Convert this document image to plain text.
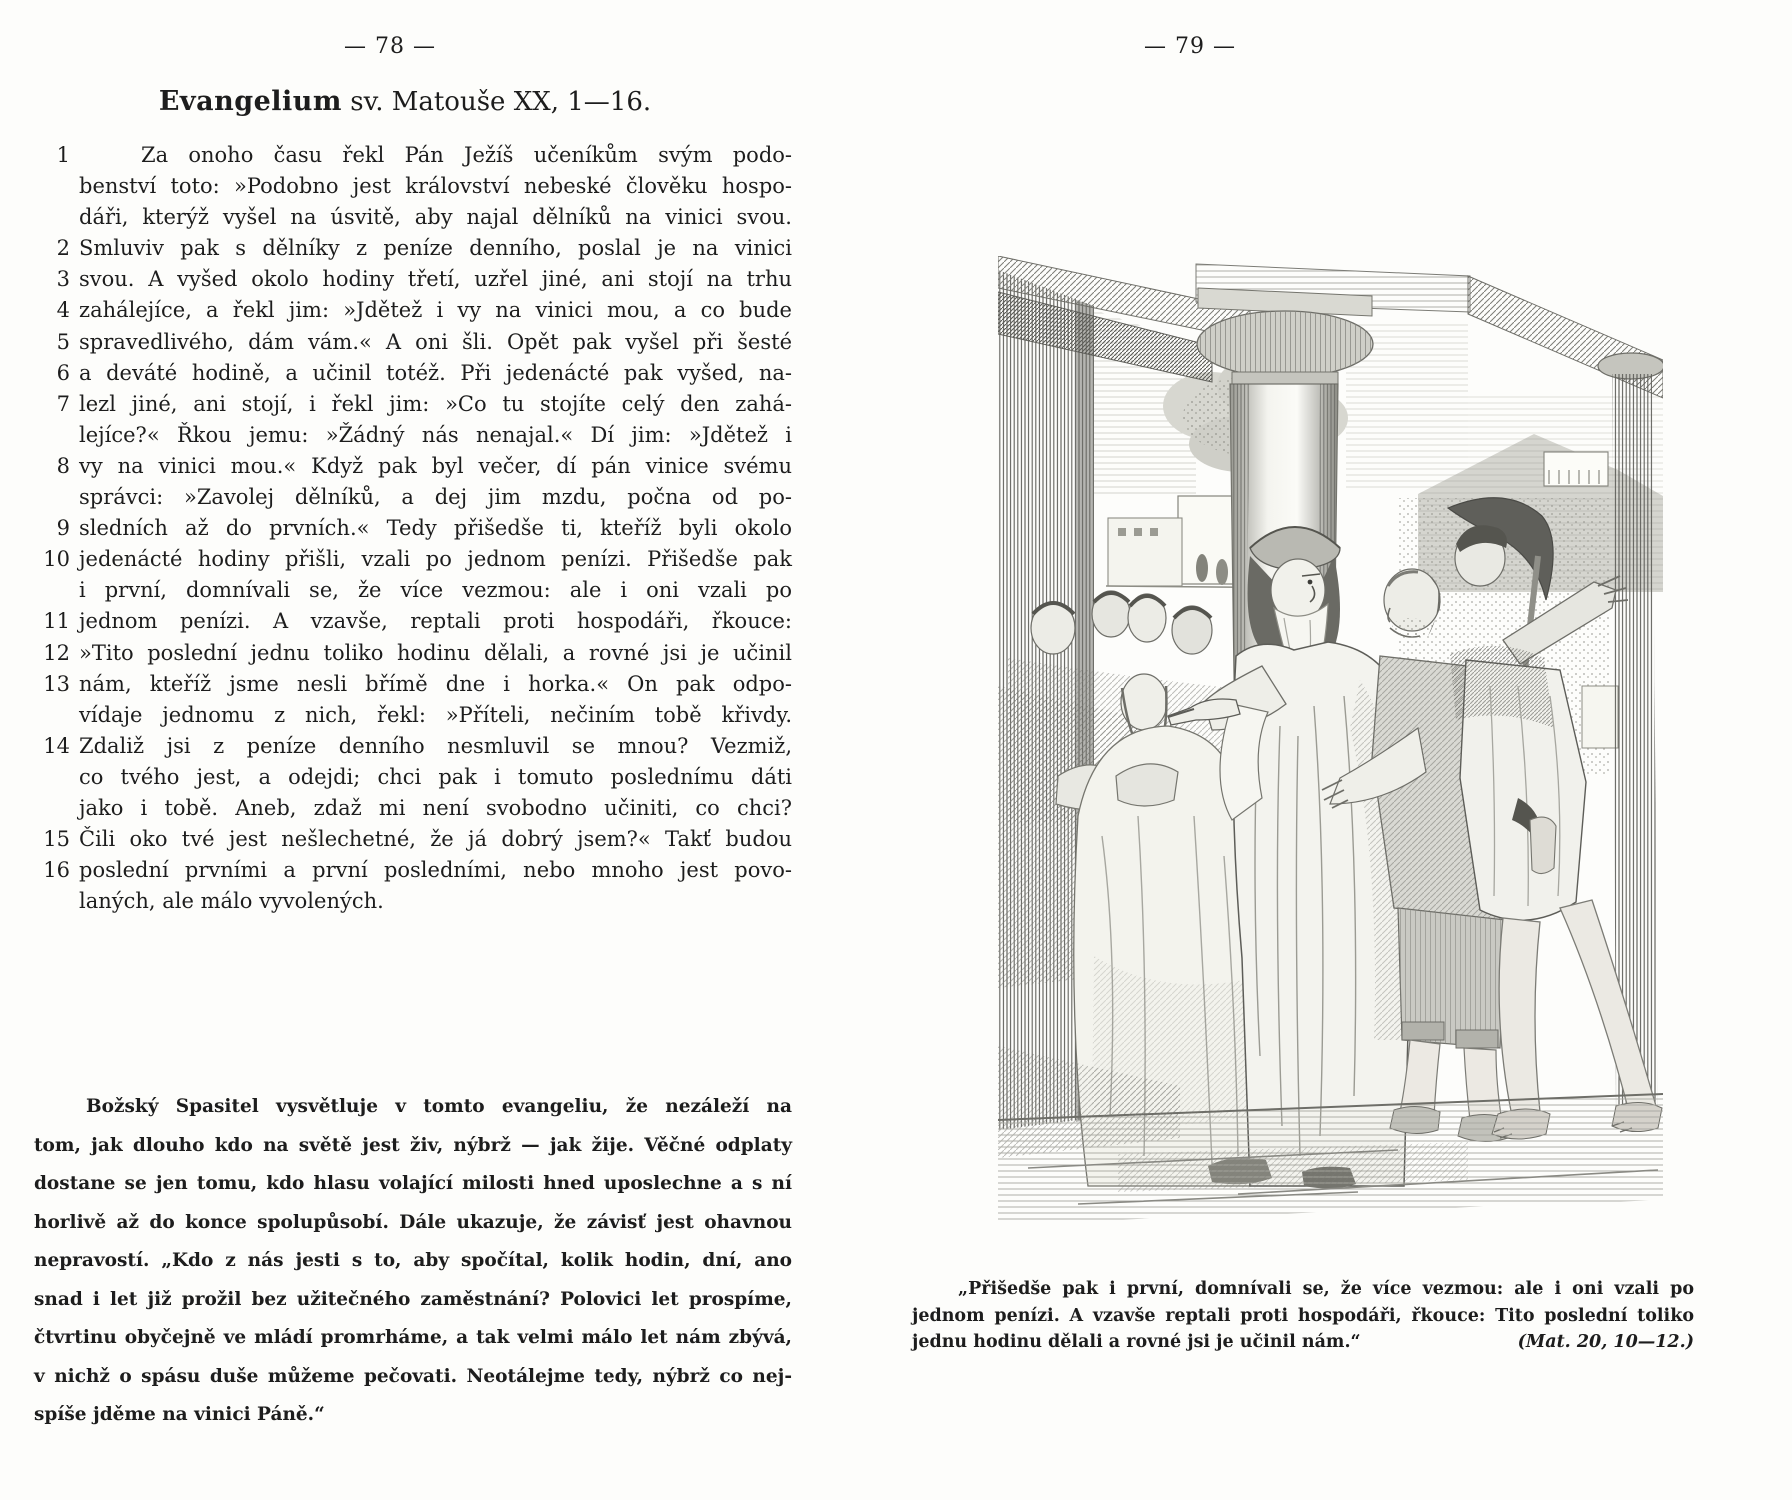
— 78 —
Evangelium sv. Matouše XX, 1—16.
1	Za onoho času řekl Pán Ježíš učeníkům svým podo-
benství toto: »Podobno jest království nebeské člověku hospo-
dáři, kterýž vyšel na úsvitě, aby najal dělníků na vinici svou.
2 Smluviv pak s dělníky z peníze denního, poslal je na vinici
3 svou. A vyšed okolo hodiny třetí, uzřel jiné, ani stojí na trhu
4 zahálejíce, a řekl jim: »Jdětež i vy na vinici mou, a co bude
5 spravedlivého, dám vám.« A oni šli. Opět pak vyšel při šesté
6 a deváté hodině, a učinil totéž. Při jedenácté pak vyšed, na-
7 lezl jiné, ani stojí, i řekl jim: »Co tu stojíte celý den zahá-
lejíce?« Řkou jemu: »Žádný nás nenajal.« Dí jim: »Jdětež i
8 vy na vinici mou.« Když pak byl večer, dí pán vinice svému
správci: »Zavolej dělníků, a dej jim mzdu, počna od po-
9 sledních až do prvních.« Tedy přišedše ti, kteříž byli okolo
10 jedenácté hodiny přišli, vzali po jednom penízi. Přišedše pak
i první, domnívali se, že více vezmou: ale i oni vzali po
11 jednom penízi. A vzavše, reptali proti hospodáři, řkouce:
12 »Tito poslední jednu toliko hodinu dělali, a rovné jsi je učinil
13 nám, kteříž jsme nesli břímě dne i horka.« On pak odpo-
vídaje jednomu z nich, řekl: »Příteli, nečiním tobě křivdy.
14 Zdaliž jsi z peníze denního nesmluvil se mnou? Vezmiž,
co tvého jest, a odejdi; chci pak i tomuto poslednímu dáti
jako i tobě. Aneb, zdaž mi není svobodno učiniti, co chci?
15 Čili oko tvé jest nešlechetné, že já dobrý jsem?« Takť budou
16 poslední prvními a první posledními, nebo mnoho jest povo-
laných, ale málo vyvolených.
Božský Spasitel vysvětluje v tomto evangeliu, že nezáleží na
tom, jak dlouho kdo na světě jest živ, nýbrž — jak žije. Věčné odplaty
dostane se jen tomu, kdo hlasu volající milosti hned uposlechne a s ní
horlivě až do konce spolupůsobí. Dále ukazuje, že závisť jest ohavnou
nepravostí. „Kdo z nás jesti s to, aby spočítal, kolik hodin, dní, ano
snad i let již prožil bez užitečného zaměstnání? Polovici let prospíme,
čtvrtinu obyčejně ve mládí promrháme, a tak velmi málo let nám zbývá,
v nichž o spásu duše můžeme pečovati. Neotálejme tedy, nýbrž co nej-
spíše jděme na vinici Páně.“
— 79 —
„Přišedše pak i první, domnívali se, že více vezmou: ale i oni vzali po
jednom penízi. A vzavše reptali proti hospodáři, řkouce: Tito poslední toliko
jednu hodinu dělali a rovné jsi je učinil nám.“	(Mat. 20, 10—12.)
